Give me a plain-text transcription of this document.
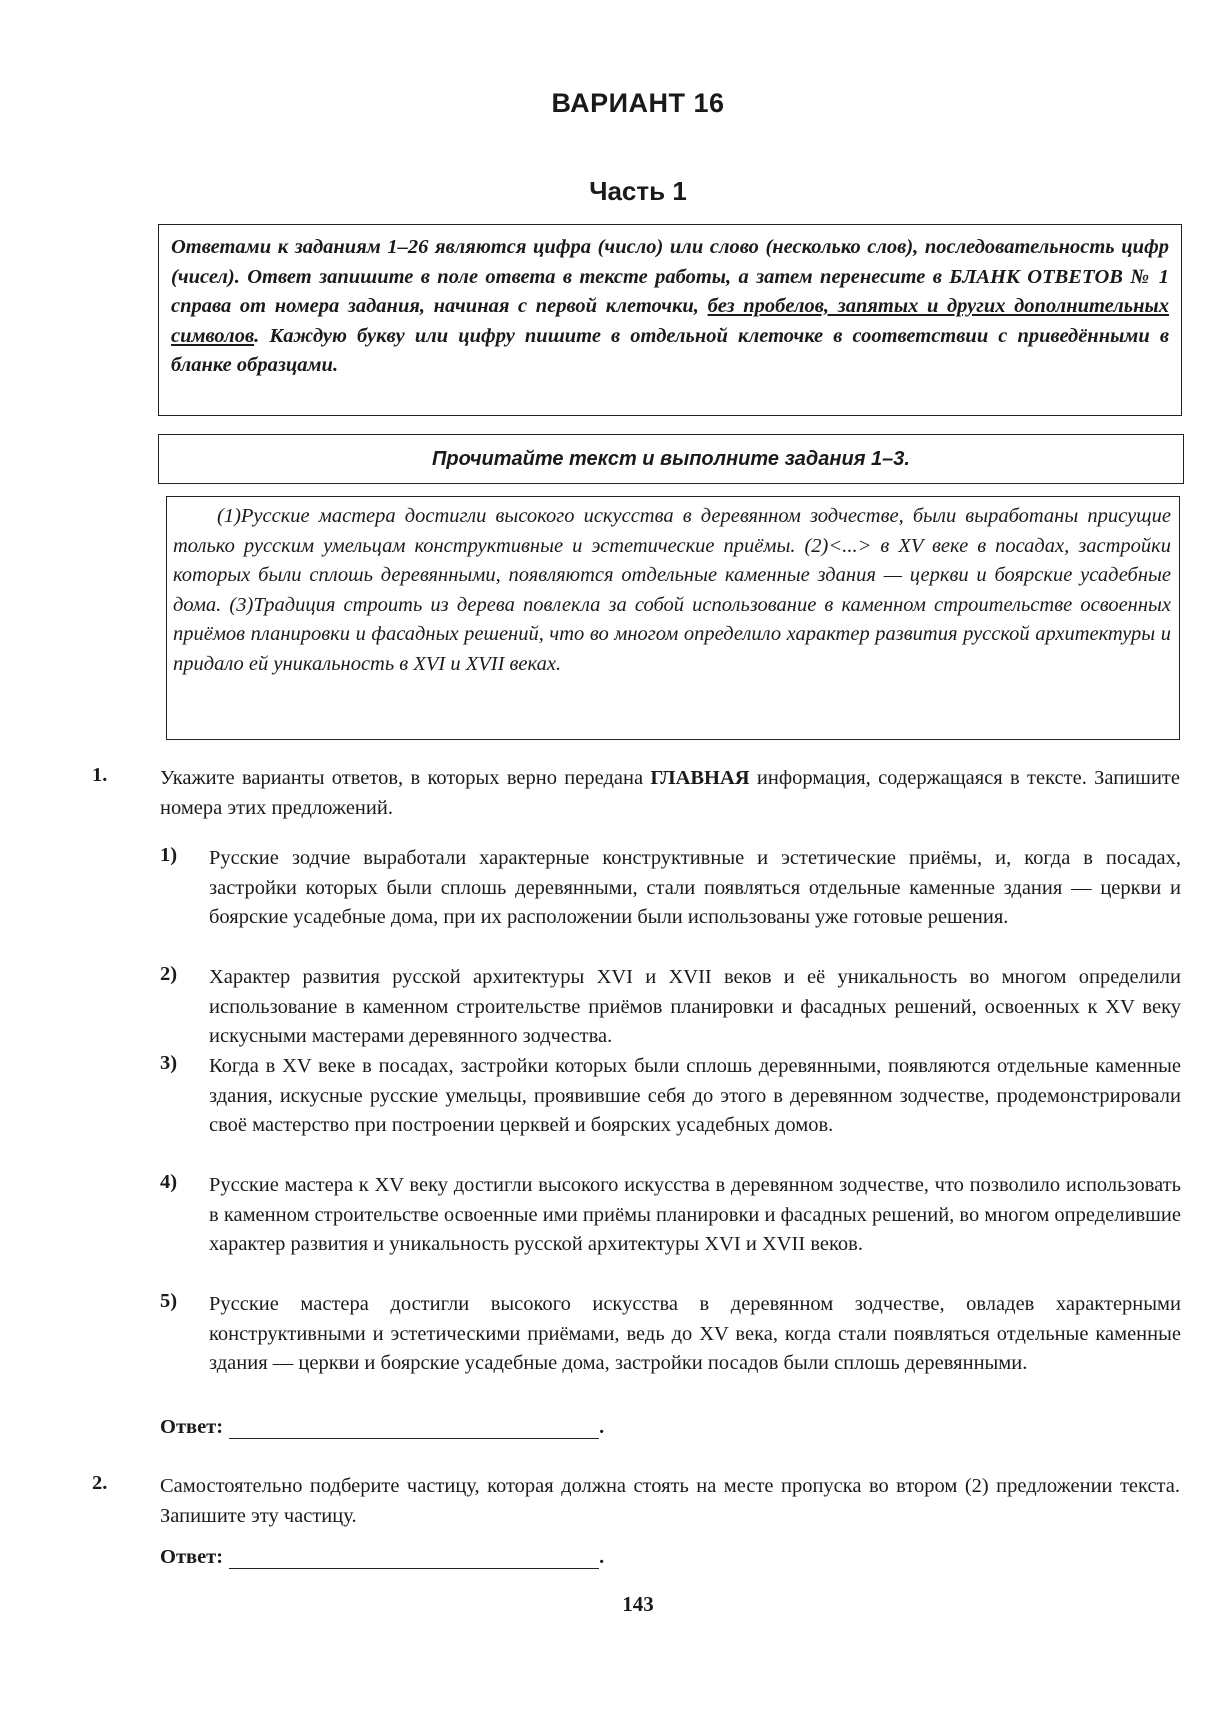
ВАРИАНТ 16
Часть 1
Ответами к заданиям 1–26 являются цифра (число) или слово (несколько слов), последовательность цифр (чисел). Ответ запишите в поле ответа в тексте работы, а затем перенесите в БЛАНК ОТВЕТОВ № 1 справа от номера задания, начиная с первой клеточки, без пробелов, запятых и других дополнительных символов. Каждую букву или цифру пишите в отдельной клеточке в соответствии с приведёнными в бланке образцами.
Прочитайте текст и выполните задания 1–3.
(1)Русские мастера достигли высокого искусства в деревянном зодчестве, были выработаны присущие только русским умельцам конструктивные и эстетические приёмы. (2)<...> в XV веке в посадах, застройки которых были сплошь деревянными, появляются отдельные каменные здания — церкви и боярские усадебные дома. (3)Традиция строить из дерева повлекла за собой использование в каменном строительстве освоенных приёмов планировки и фасадных решений, что во многом определило характер развития русской архитектуры и придало ей уникальность в XVI и XVII веках.
1.	Укажите варианты ответов, в которых верно передана ГЛАВНАЯ информация, содержащаяся в тексте. Запишите номера этих предложений.
1) Русские зодчие выработали характерные конструктивные и эстетические приёмы, и, когда в посадах, застройки которых были сплошь деревянными, стали появляться отдельные каменные здания — церкви и боярские усадебные дома, при их расположении были использованы уже готовые решения.
2) Характер развития русской архитектуры XVI и XVII веков и её уникальность во многом определили использование в каменном строительстве приёмов планировки и фасадных решений, освоенных к XV веку искусными мастерами деревянного зодчества.
3) Когда в XV веке в посадах, застройки которых были сплошь деревянными, появляются отдельные каменные здания, искусные русские умельцы, проявившие себя до этого в деревянном зодчестве, продемонстрировали своё мастерство при построении церквей и боярских усадебных домов.
4) Русские мастера к XV веку достигли высокого искусства в деревянном зодчестве, что позволило использовать в каменном строительстве освоенные ими приёмы планировки и фасадных решений, во многом определившие характер развития и уникальность русской архитектуры XVI и XVII веков.
5) Русские мастера достигли высокого искусства в деревянном зодчестве, овладев характерными конструктивными и эстетическими приёмами, ведь до XV века, когда стали появляться отдельные каменные здания — церкви и боярские усадебные дома, застройки посадов были сплошь деревянными.
Ответ:	.
2.	Самостоятельно подберите частицу, которая должна стоять на месте пропуска во втором (2) предложении текста. Запишите эту частицу.
Ответ:	.
143
